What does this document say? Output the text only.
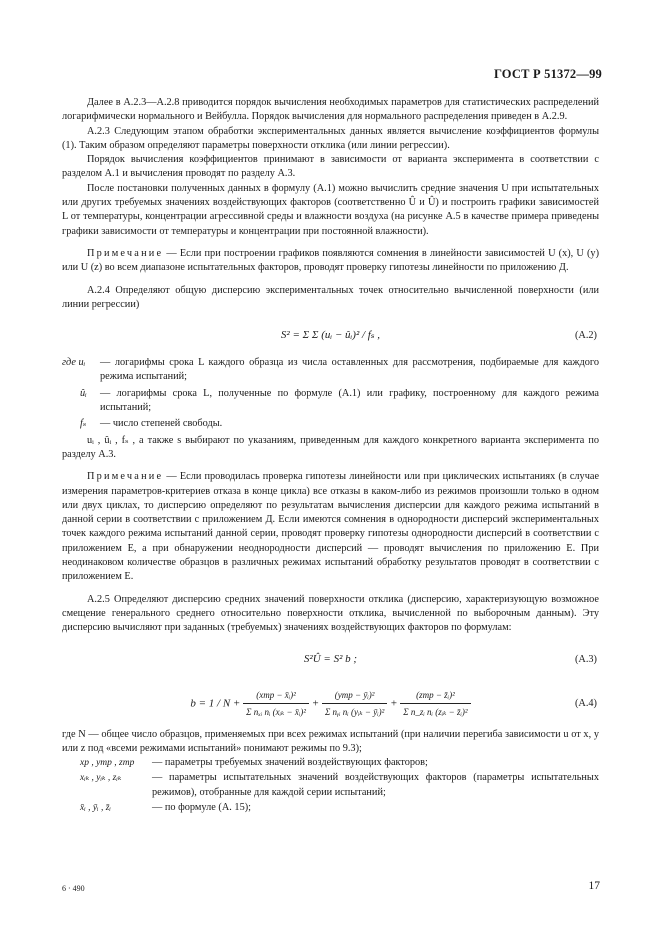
ГОСТ Р 51372—99

Далее в А.2.3—А.2.8 приводится порядок вычисления необходимых параметров для статистических распределений логарифмически нормального и Вейбулла. Порядок вычисления для нормального распределения приведен в А.2.9.

А.2.3 Следующим этапом обработки экспериментальных данных является вычисление коэффициентов формулы (1). Таким образом определяют параметры поверхности отклика (или линии регрессии).

Порядок вычисления коэффициентов принимают в зависимости от варианта эксперимента в соответствии с разделом А.1 и вычисления проводят по разделу А.3.

После постановки полученных данных в формулу (А.1) можно вычислить средние значения U при испытательных или других требуемых значениях воздействующих факторов (соответственно Û и Û) и построить графики зависимостей L от температуры, концентрации агрессивной среды и влажности воздуха (на рисунке А.5 в качестве примера приведены графики зависимости от температуры и концентрации при постоянной влажности).

Примечание — Если при построении графиков появляются сомнения в линейности зависимостей U (x), U (y) или U (z) во всем диапазоне испытательных факторов, проводят проверку гипотезы линейности по приложению Д.

А.2.4 Определяют общую дисперсию экспериментальных точек относительно вычисленной поверхности (или линии регрессии)

S² = Σ Σ (uᵢ − ûᵢ)² / fₛ ,	(А.2)
где uᵢ — логарифмы срока L каждого образца из числа оставленных для рассмотрения, подбираемые для каждого режима испытаний;
ûᵢ — логарифмы срока L, полученные по формуле (А.1) или графику, построенному для каждого режима испытаний;
fₛ — число степеней свободы.

uᵢ , ûᵢ , fₛ , а также s выбирают по указаниям, приведенным для каждого конкретного варианта эксперимента по разделу А.3.

Примечание — Если проводилась проверка гипотезы линейности или при циклических испытаниях (в случае измерения параметров-критериев отказа в конце цикла) все отказы в каком-либо из режимов произошли только в одном или двух циклах, то дисперсию определяют по результатам вычисления дисперсии для каждого режима испытаний в данной серии в соответствии с приложением Д. Если имеются сомнения в однородности дисперсий экспериментальных точек каждого режима испытаний данной серии, проводят проверку гипотезы однородности дисперсий в соответствии с приложением Е, а при обнаружении неоднородности дисперсий — проводят вычисления по приложению Е. При неодинаковом количестве образцов в различных режимах испытаний обработку результатов проводят в соответствии с приложением Е.

А.2.5 Определяют дисперсию средних значений поверхности отклика (дисперсию, характеризующую возможное смещение генерального среднего относительно поверхности отклика, вычисленной по выборочным данным). Эту дисперсию вычисляют при заданных (требуемых) значениях воздействующих факторов по формулам:

S²Û = S² b ;	(А.3)
$b = 1 / N + \frac{\text{(xтр − x̄ᵢ)²}}{\text{Σ nₓᵢ nᵢ (xᵢₖ − x̄ᵢ)²}} + \frac{\text{(yтр − ȳᵢ)²}}{\text{Σ nᵧᵢ nᵢ (yᵢₖ − ȳᵢ)²}} + \frac{\text{(zтр − z̄ᵢ)²}}{\text{Σ n\_zᵢ nᵢ (zᵢₖ − z̄ᵢ)²}}$	(А.4)
где N — общее число образцов, применяемых при всех режимах испытаний (при наличии перегиба зависимости u от x, y или z под «всеми режимами испытаний» понимают режимы по 9.3);
xр , yтр , zтр — параметры требуемых значений воздействующих факторов;
xᵢₖ , yᵢₖ , zᵢₖ	— параметры испытательных значений воздействующих факторов (параметры испытательных режимов), отобранные для каждой серии испытаний;
x̄ᵢ , ȳᵢ , z̄ᵢ	— по формуле (А. 15);
6 · 490	17
